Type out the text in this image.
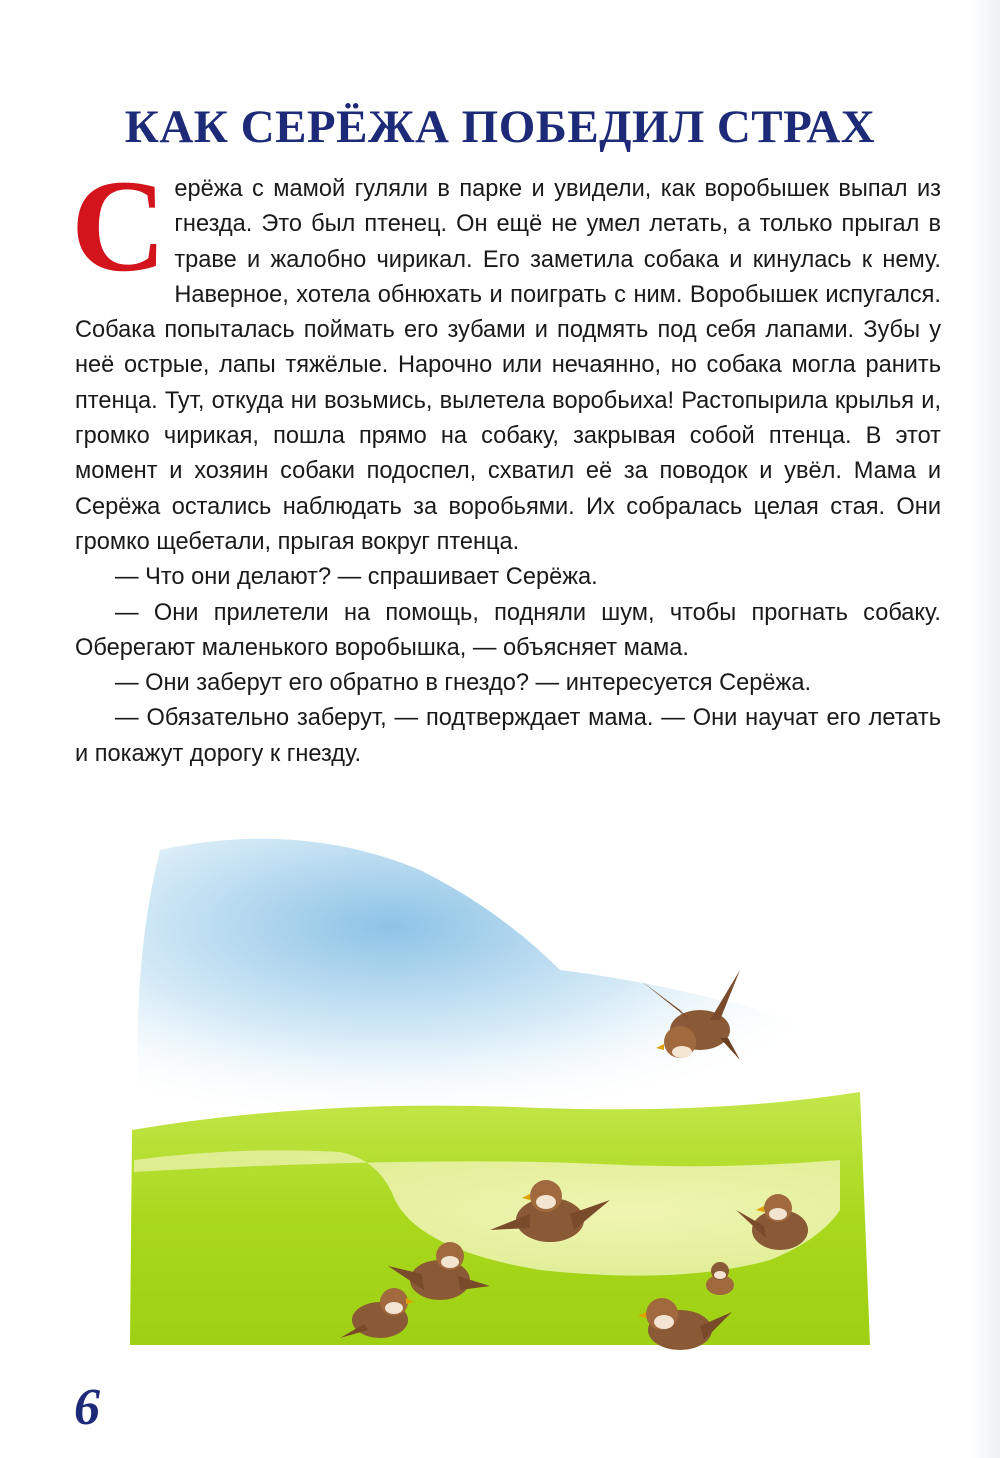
КАК СЕРЁЖА ПОБЕДИЛ СТРАХ

С ерёжа с мамой гуляли в парке и увидели, как воробышек выпал из гнезда. Это был птенец. Он ещё не умел летать, а только прыгал в траве и жалобно чирикал. Его заметила собака и кинулась к нему. Наверное, хотела обнюхать и поиграть с ним. Воробышек испугался. Собака попыталась поймать его зубами и подмять под себя лапами. Зубы у неё острые, лапы тяжёлые. Нарочно или нечаянно, но собака могла ранить птенца. Тут, откуда ни возьмись, вылетела воробьиха! Растопырила крылья и, громко чирикая, пошла прямо на собаку, закрывая собой птенца. В этот момент и хозяин собаки подоспел, схватил её за поводок и увёл. Мама и Серёжа остались наблюдать за воробьями. Их собралась целая стая. Они громко щебетали, прыгая вокруг птенца.

— Что они делают? — спрашивает Серёжа.

— Они прилетели на помощь, подняли шум, чтобы прогнать собаку. Оберегают маленького воробышка, — объясняет мама.

— Они заберут его обратно в гнездо? — интересуется Серёжа.

— Обязательно заберут, — подтверждает мама. — Они научат его летать и покажут дорогу к гнезду.

6
